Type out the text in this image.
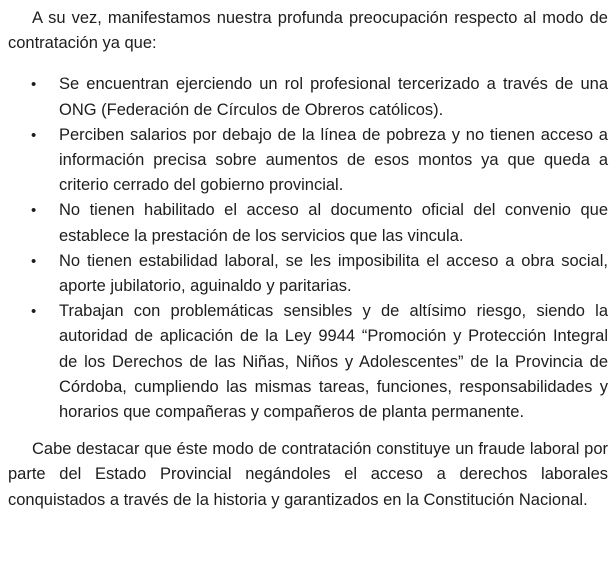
A su vez, manifestamos nuestra profunda preocupación respecto al modo de contratación ya que:

• Se encuentran ejerciendo un rol profesional tercerizado a través de una ONG (Federación de Círculos de Obreros católicos).
• Perciben salarios por debajo de la línea de pobreza y no tienen acceso a información precisa sobre aumentos de esos montos ya que queda a criterio cerrado del gobierno provincial.
• No tienen habilitado el acceso al documento oficial del convenio que establece la prestación de los servicios que las vincula.
• No tienen estabilidad laboral, se les imposibilita el acceso a obra social, aporte jubilatorio, aguinaldo y paritarias.
• Trabajan con problemáticas sensibles y de altísimo riesgo, siendo la autoridad de aplicación de la Ley 9944 “Promoción y Protección Integral de los Derechos de las Niñas, Niños y Adolescentes” de la Provincia de Córdoba, cumpliendo las mismas tareas, funciones, responsabilidades y horarios que compañeras y compañeros de planta permanente.

Cabe destacar que éste modo de contratación constituye un fraude laboral por parte del Estado Provincial negándoles el acceso a derechos laborales conquistados a través de la historia y garantizados en la Constitución Nacional.
